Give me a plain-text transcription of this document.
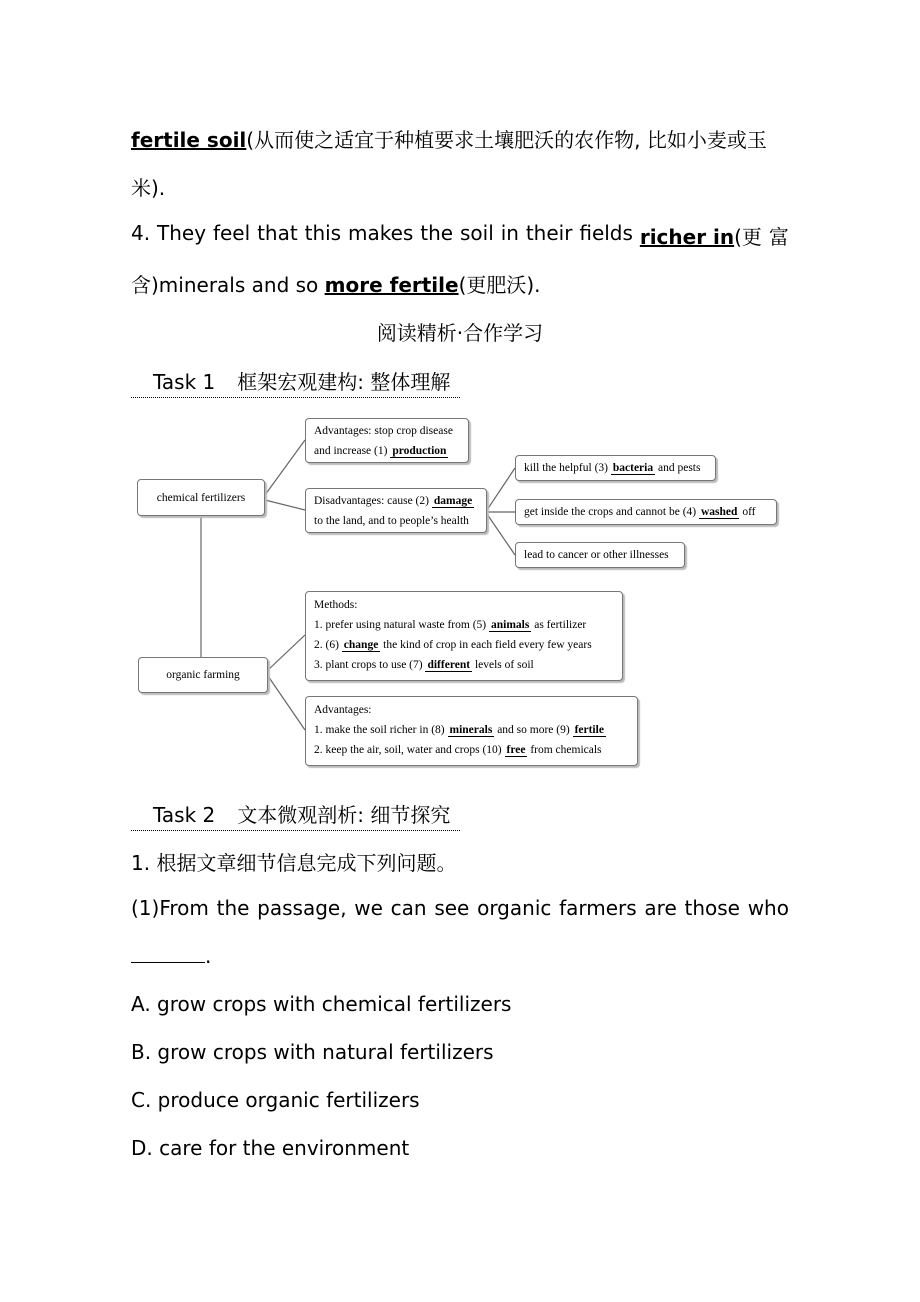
fertile soil(从而使之适宜于种植要求土壤肥沃的农作物, 比如小麦或玉
米).
4. They feel that this makes the soil in their fields richer in(更 富
含)minerals and so more fertile(更肥沃).
阅读精析·合作学习
Task 1 框架宏观建构: 整体理解
chemical fertilizers
Advantages: stop crop disease
and increase (1) production
Disadvantages: cause (2) damage
to the land, and to people’s health
kill the helpful (3) bacteria and pests
get inside the crops and cannot be (4) washed off
lead to cancer or other illnesses
Methods:
1. prefer using natural waste from (5) animals as fertilizer
2. (6) change the kind of crop in each field every few years
3. plant crops to use (7) different levels of soil
organic farming
Advantages:
1. make the soil richer in (8) minerals and so more (9) fertile
2. keep the air, soil, water and crops (10) free from chemicals
Task 2 文本微观剖析: 细节探究
1. 根据文章细节信息完成下列问题。
(1)From the passage, we can see organic farmers are those who
.
A. grow crops with chemical fertilizers
B. grow crops with natural fertilizers
C. produce organic fertilizers
D. care for the environment
